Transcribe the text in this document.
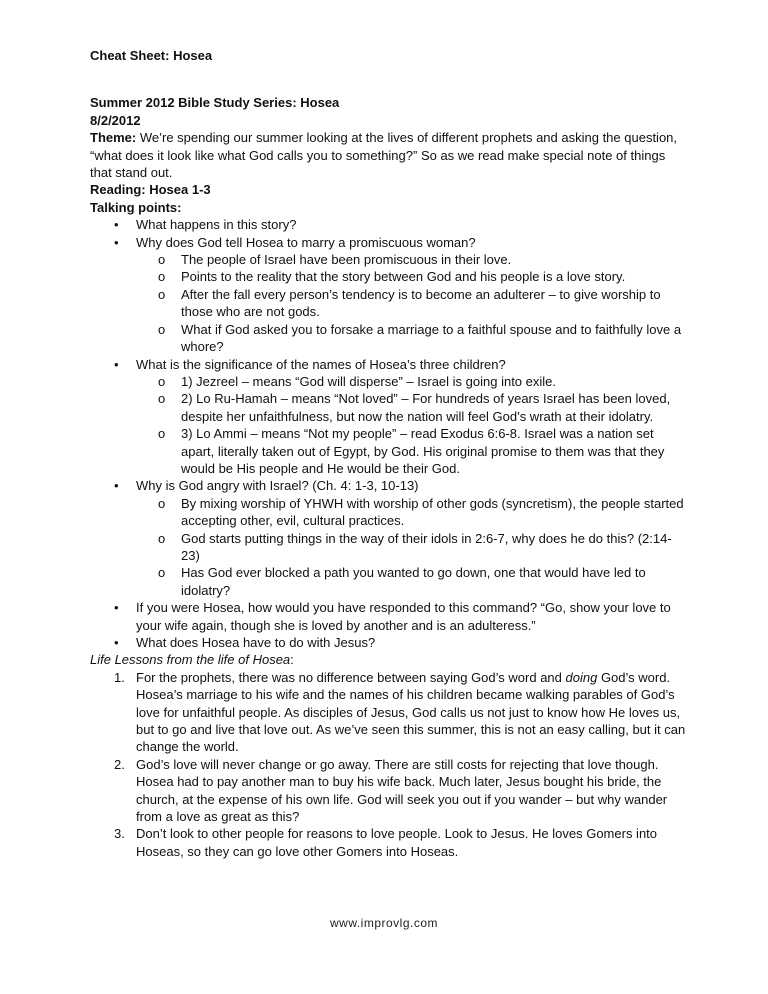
Cheat Sheet: Hosea
Summer 2012 Bible Study Series: Hosea
8/2/2012
Theme: We’re spending our summer looking at the lives of different prophets and asking the question, “what does it look like what God calls you to something?” So as we read make special note of things that stand out.
Reading: Hosea 1-3
Talking points:
• What happens in this story?
• Why does God tell Hosea to marry a promiscuous woman?
o The people of Israel have been promiscuous in their love.
o Points to the reality that the story between God and his people is a love story.
o After the fall every person’s tendency is to become an adulterer – to give worship to those who are not gods.
o What if God asked you to forsake a marriage to a faithful spouse and to faithfully love a whore?
• What is the significance of the names of Hosea’s three children?
o 1) Jezreel – means “God will disperse” – Israel is going into exile.
o 2) Lo Ru-Hamah – means “Not loved” – For hundreds of years Israel has been loved, despite her unfaithfulness, but now the nation will feel God’s wrath at their idolatry.
o 3) Lo Ammi – means “Not my people” – read Exodus 6:6-8. Israel was a nation set apart, literally taken out of Egypt, by God. His original promise to them was that they would be His people and He would be their God.
• Why is God angry with Israel? (Ch. 4: 1-3, 10-13)
o By mixing worship of YHWH with worship of other gods (syncretism), the people started accepting other, evil, cultural practices.
o God starts putting things in the way of their idols in 2:6-7, why does he do this? (2:14-23)
o Has God ever blocked a path you wanted to go down, one that would have led to idolatry?
• If you were Hosea, how would you have responded to this command? “Go, show your love to your wife again, though she is loved by another and is an adulteress.”
• What does Hosea have to do with Jesus?
Life Lessons from the life of Hosea:
1. For the prophets, there was no difference between saying God’s word and doing God’s word. Hosea’s marriage to his wife and the names of his children became walking parables of God’s love for unfaithful people. As disciples of Jesus, God calls us not just to know how He loves us, but to go and live that love out. As we’ve seen this summer, this is not an easy calling, but it can change the world.
2. God’s love will never change or go away. There are still costs for rejecting that love though. Hosea had to pay another man to buy his wife back. Much later, Jesus bought his bride, the church, at the expense of his own life. God will seek you out if you wander – but why wander from a love as great as this?
3. Don’t look to other people for reasons to love people. Look to Jesus. He loves Gomers into Hoseas, so they can go love other Gomers into Hoseas.
www.improvlg.com
